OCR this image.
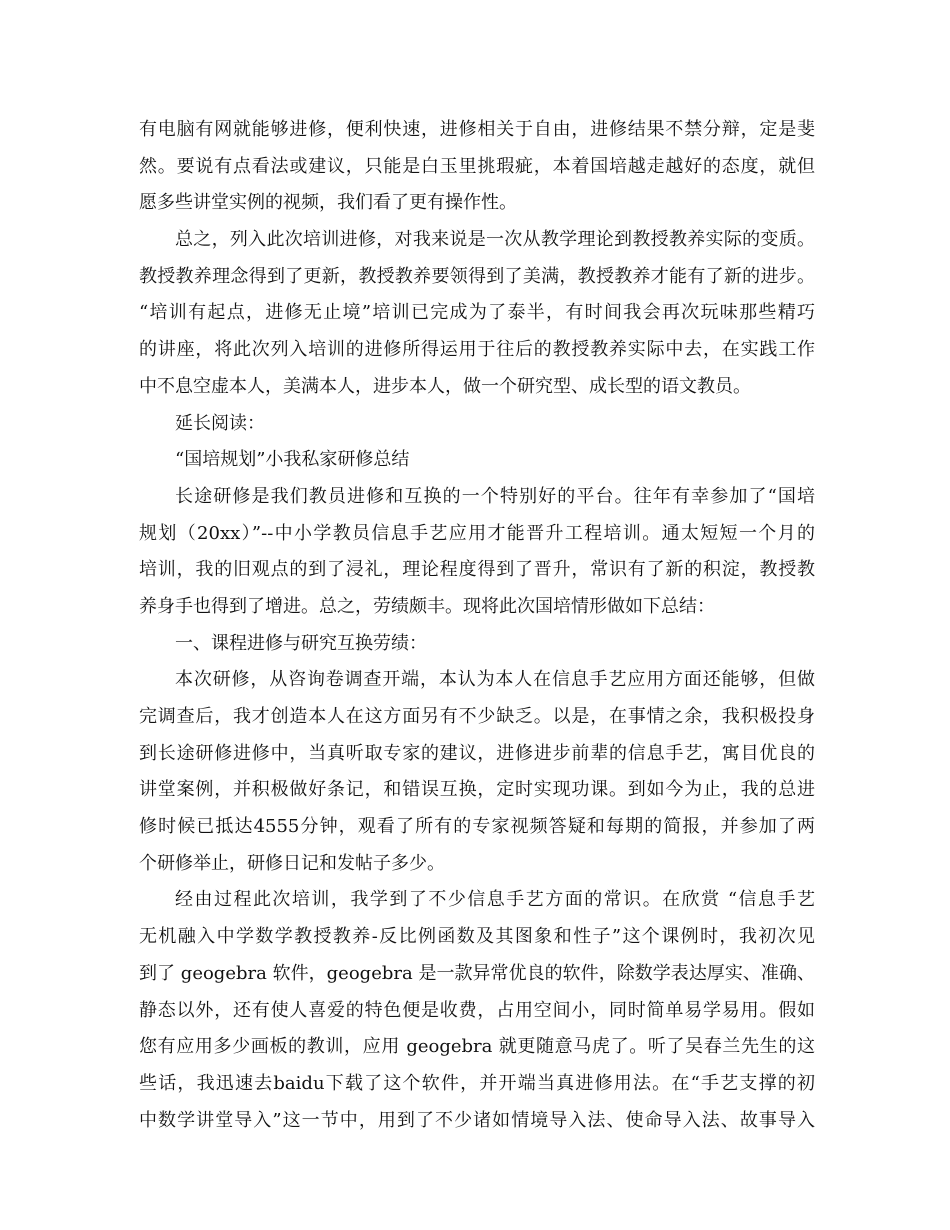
有电脑有网就能够进修，便利快速，进修相关于自由，进修结果不禁分辩，定是斐
然。要说有点看法或建议，只能是白玉里挑瑕疵，本着国培越走越好的态度，就但
愿多些讲堂实例的视频，我们看了更有操作性。
总之，列入此次培训进修，对我来说是一次从教学理论到教授教养实际的变质。
教授教养理念得到了更新，教授教养要领得到了美满，教授教养才能有了新的进步。
“培训有起点，进修无止境”培训已完成为了泰半，有时间我会再次玩味那些精巧
的讲座，将此次列入培训的进修所得运用于往后的教授教养实际中去，在实践工作
中不息空虚本人，美满本人，进步本人，做一个研究型、成长型的语文教员。
延长阅读：
“国培规划”小我私家研修总结
长途研修是我们教员进修和互换的一个特别好的平台。往年有幸参加了“国培
规划（20xx）”--中小学教员信息手艺应用才能晋升工程培训。通太短短一个月的
培训，我的旧观点的到了浸礼，理论程度得到了晋升，常识有了新的积淀，教授教
养身手也得到了增进。总之，劳绩颇丰。现将此次国培情形做如下总结：
一、课程进修与研究互换劳绩：
本次研修，从咨询卷调查开端，本认为本人在信息手艺应用方面还能够，但做
完调查后，我才创造本人在这方面另有不少缺乏。以是，在事情之余，我积极投身
到长途研修进修中，当真听取专家的建议，进修进步前辈的信息手艺，寓目优良的
讲堂案例，并积极做好条记，和错误互换，定时实现功课。到如今为止，我的总进
修时候已抵达4555分钟，观看了所有的专家视频答疑和每期的简报，并参加了两
个研修举止，研修日记和发帖子多少。
经由过程此次培训，我学到了不少信息手艺方面的常识。在欣赏 “信息手艺
无机融入中学数学教授教养-反比例函数及其图象和性子”这个课例时，我初次见
到了 geogebra 软件，geogebra 是一款异常优良的软件，除数学表达厚实、准确、
静态以外，还有使人喜爱的特色便是收费，占用空间小，同时简单易学易用。假如
您有应用多少画板的教训，应用 geogebra 就更随意马虎了。听了吴春兰先生的这
些话，我迅速去baidu下载了这个软件，并开端当真进修用法。在“手艺支撑的初
中数学讲堂导入”这一节中，用到了不少诸如情境导入法、使命导入法、故事导入
